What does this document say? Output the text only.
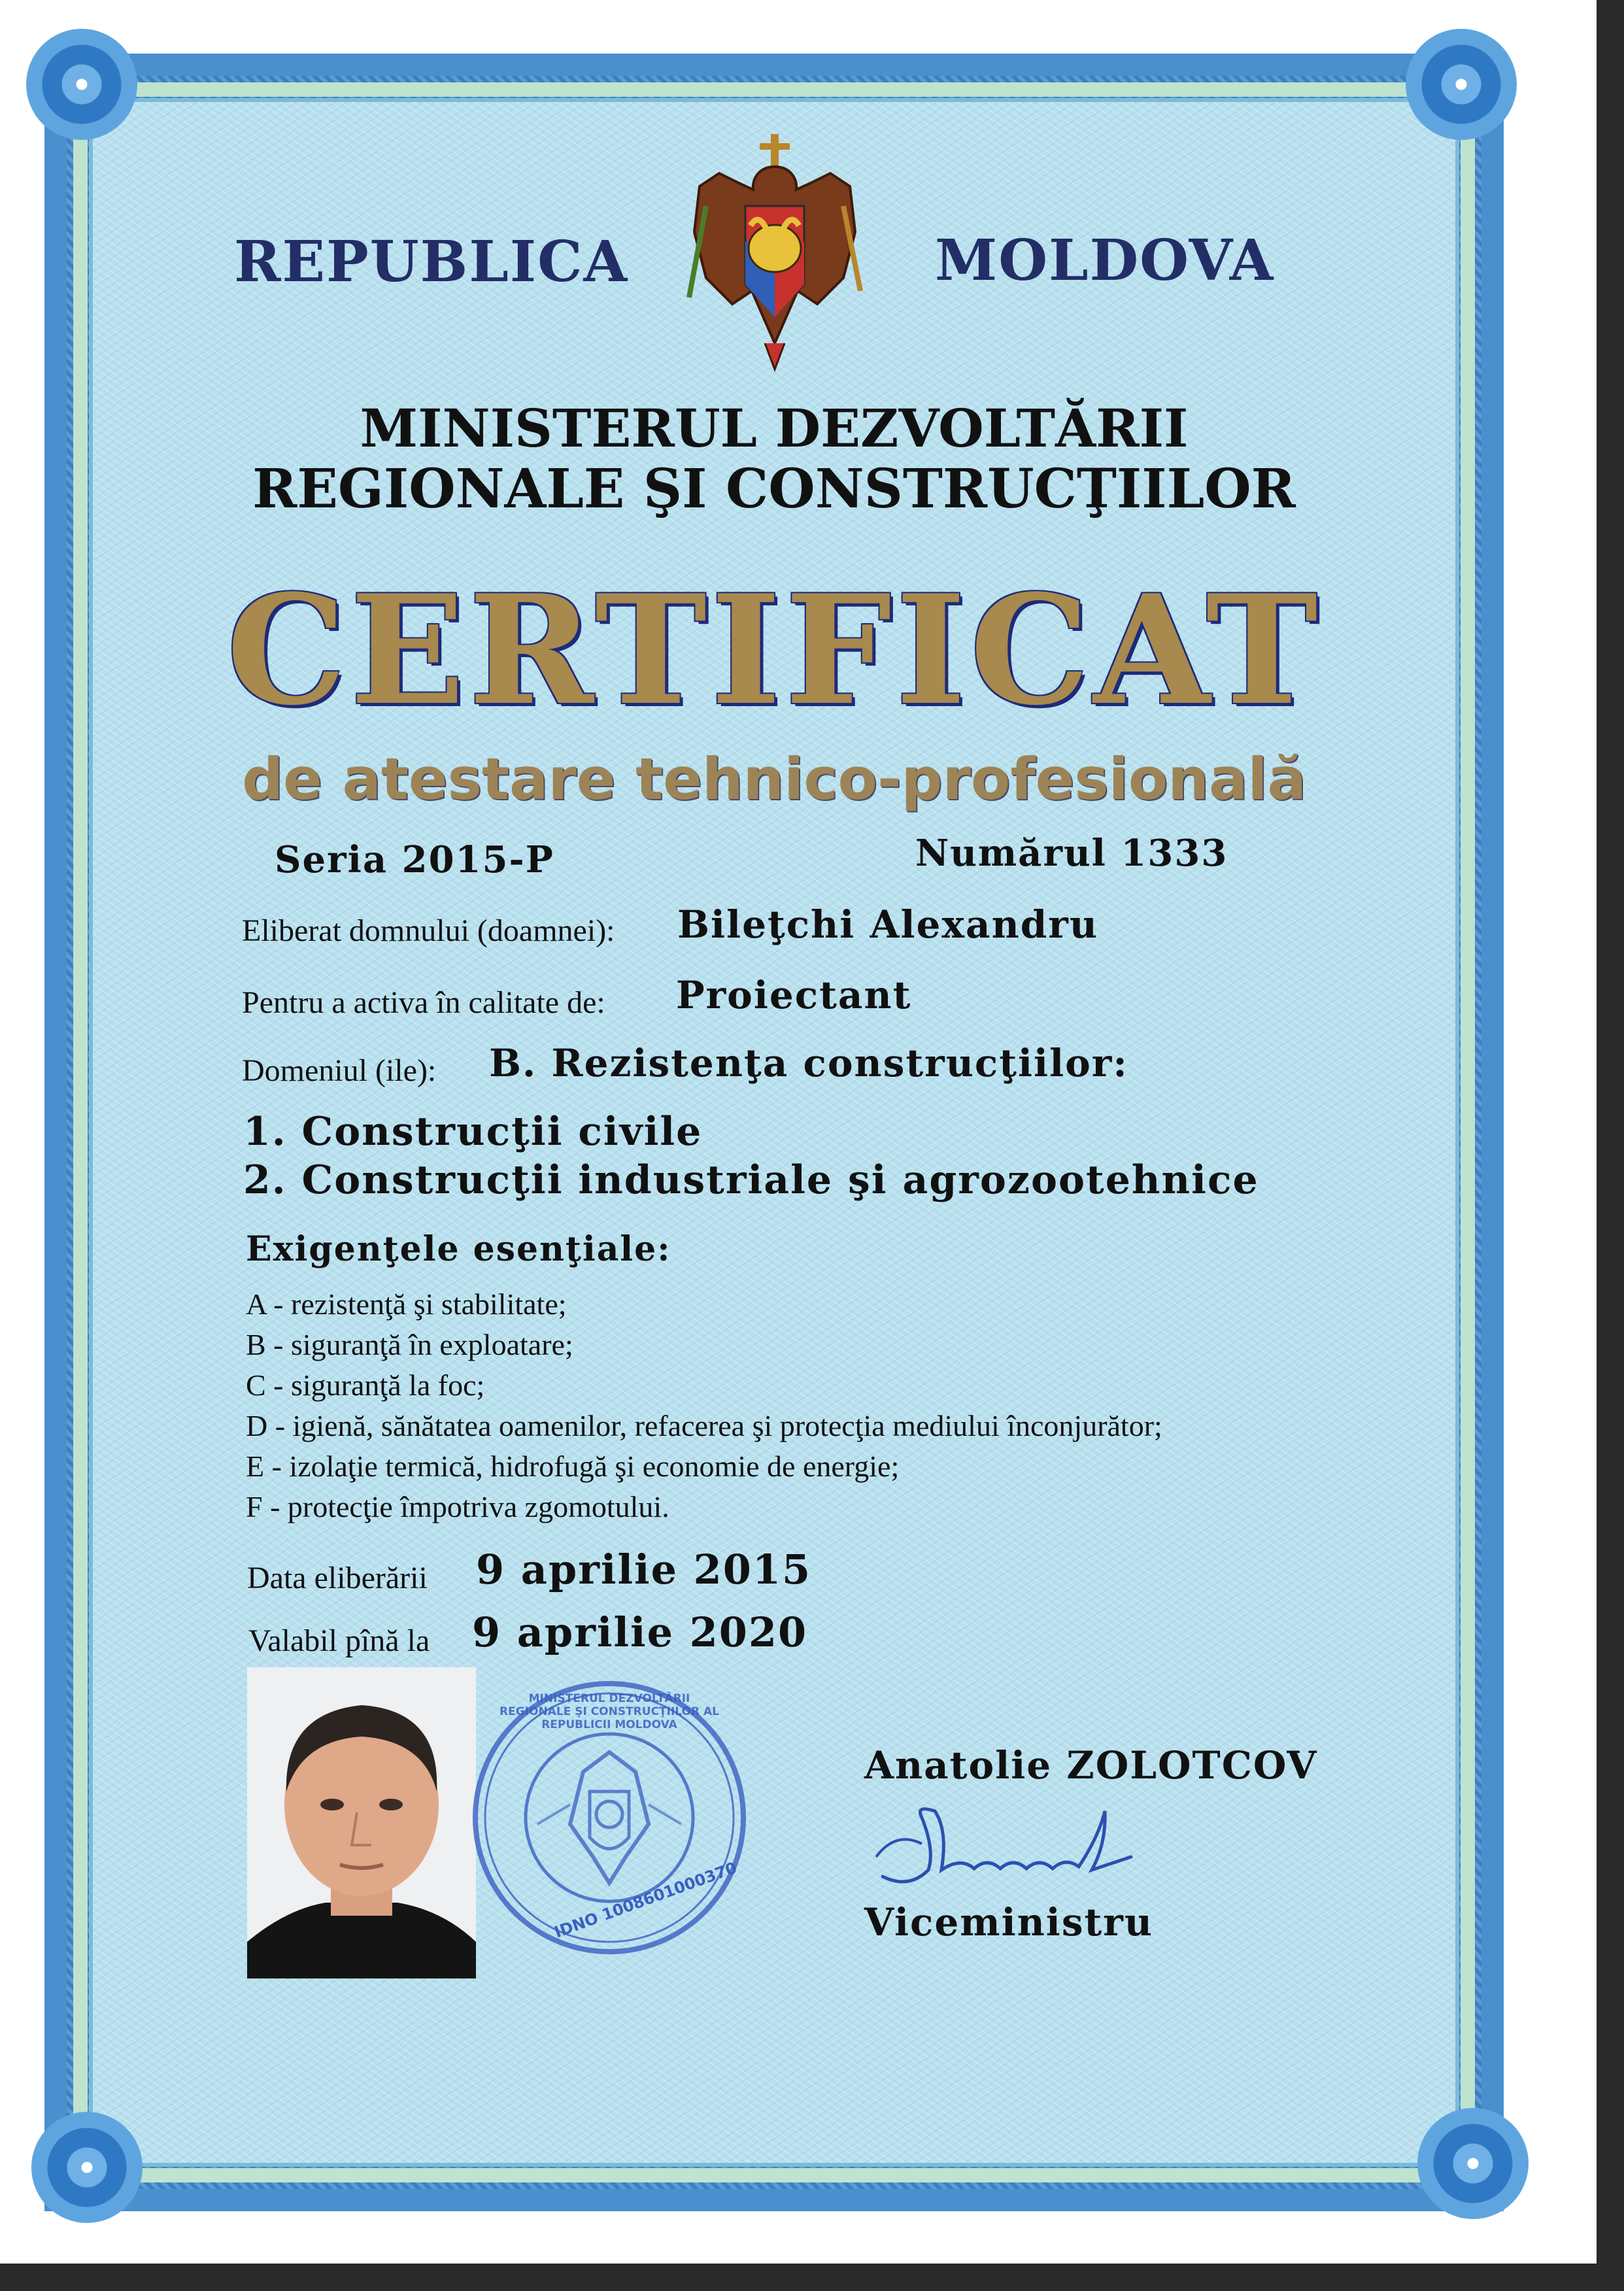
REPUBLICA	MOLDOVA
MINISTERUL DEZVOLTĂRII
REGIONALE ŞI CONSTRUCŢIILOR
CERTIFICAT
de atestare tehnico-profesională
Seria 2015-P	Numărul 1333
Eliberat domnului (doamnei): Bileţchi Alexandru
Pentru a activa în calitate de: Proiectant
Domeniul (ile): B. Rezistenţa construcţiilor:
1. Construcţii civile
2. Construcţii industriale şi agrozootehnice
Exigenţele esenţiale:
A - rezistenţă şi stabilitate;
B - siguranţă în exploatare;
C - siguranţă la foc;
D - igienă, sănătatea oamenilor, refacerea şi protecţia mediului înconjurător;
E - izolaţie termică, hidrofugă şi economie de energie;
F - protecţie împotriva zgomotului.
Data eliberării 9 aprilie 2015
Valabil pînă la 9 aprilie 2020
MINISTERUL DEZVOLTĂRII REGIONALE ŞI CONSTRUCŢIILOR AL REPUBLICII MOLDOVA
IDNO 1008601000370
Anatolie ZOLOTCOV
Viceministru
